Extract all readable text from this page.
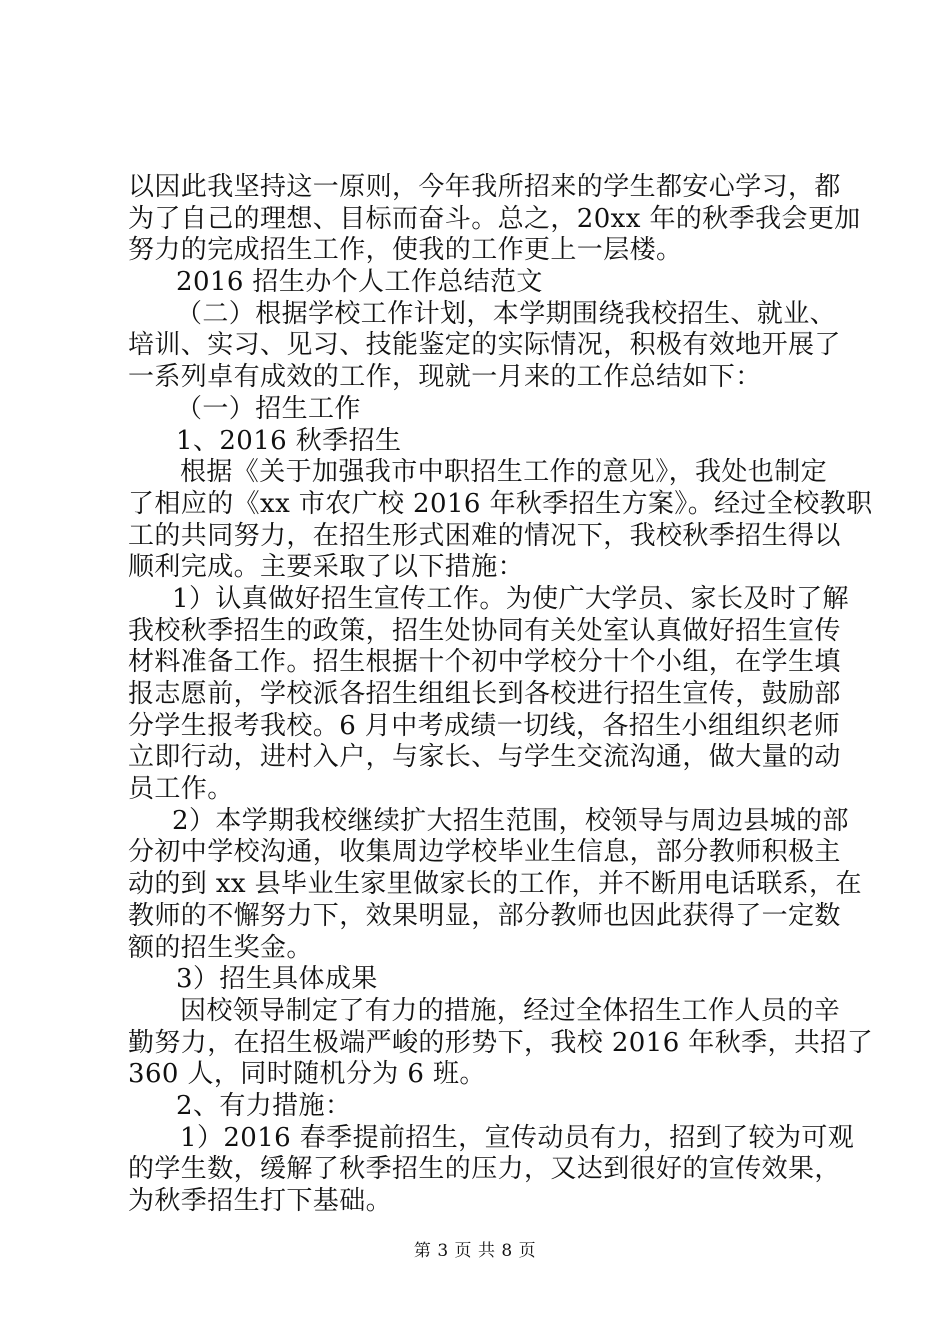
以因此我坚持这一原则，今年我所招来的学生都安心学习，都
为了自己的理想、目标而奋斗。总之，20xx 年的秋季我会更加
努力的完成招生工作，使我的工作更上一层楼。
2016 招生办个人工作总结范文
（二）根据学校工作计划，本学期围绕我校招生、就业、
培训、实习、见习、技能鉴定的实际情况，积极有效地开展了
一系列卓有成效的工作，现就一月来的工作总结如下：
（一）招生工作
1、2016 秋季招生
根据《关于加强我市中职招生工作的意见》，我处也制定
了相应的《xx 市农广校 2016 年秋季招生方案》。经过全校教职
工的共同努力，在招生形式困难的情况下，我校秋季招生得以
顺利完成。主要采取了以下措施：
1）认真做好招生宣传工作。为使广大学员、家长及时了解
我校秋季招生的政策，招生处协同有关处室认真做好招生宣传
材料准备工作。招生根据十个初中学校分十个小组，在学生填
报志愿前，学校派各招生组组长到各校进行招生宣传，鼓励部
分学生报考我校。6 月中考成绩一切线，各招生小组组织老师
立即行动，进村入户，与家长、与学生交流沟通，做大量的动
员工作。
2）本学期我校继续扩大招生范围，校领导与周边县城的部
分初中学校沟通，收集周边学校毕业生信息，部分教师积极主
动的到 xx 县毕业生家里做家长的工作，并不断用电话联系，在
教师的不懈努力下，效果明显，部分教师也因此获得了一定数
额的招生奖金。
3）招生具体成果
因校领导制定了有力的措施，经过全体招生工作人员的辛
勤努力，在招生极端严峻的形势下，我校 2016 年秋季，共招了
360 人，同时随机分为 6 班。
2、有力措施：
1）2016 春季提前招生，宣传动员有力，招到了较为可观
的学生数，缓解了秋季招生的压力，又达到很好的宣传效果，
为秋季招生打下基础。
第 3 页 共 8 页
